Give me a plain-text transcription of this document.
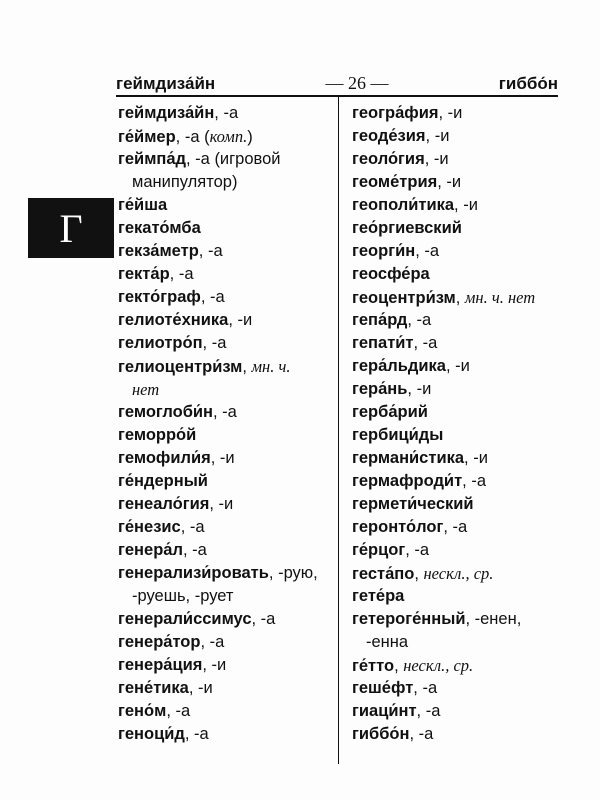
геймдиза́йн	— 26 —	гиббо́н
Г
геймдиза́йн, -а
ге́ймер, -а (комп.)
геймпа́д, -а (игровой
манипулятор)
ге́йша
гекато́мба
гекза́метр, -а
гекта́р, -а
гекто́граф, -а
гелиоте́хника, -и
гелиотро́п, -а
гелиоцентри́зм, мн. ч.
нет
гемоглоби́н, -а
геморро́й
гемофили́я, -и
ге́ндерный
генеало́гия, -и
ге́незис, -а
генера́л, -а
генерализи́ровать, -рую,
-руешь, -рует
генерали́ссимус, -а
генера́тор, -а
генера́ция, -и
гене́тика, -и
гено́м, -а
геноци́д, -а
геогра́фия, -и
геоде́зия, -и
геоло́гия, -и
геоме́трия, -и
геополи́тика, -и
гео́ргиевский
георги́н, -а
геосфе́ра
геоцентри́зм, мн. ч. нет
гепа́рд, -а
гепати́т, -а
гера́льдика, -и
гера́нь, -и
герба́рий
гербици́ды
германи́стика, -и
гермафроди́т, -а
гермети́ческий
геронто́лог, -а
ге́рцог, -а
геста́по, нескл., ср.
гете́ра
гетероге́нный, -енен,
-енна
ге́тто, нескл., ср.
геше́фт, -а
гиаци́нт, -а
гиббо́н, -а
